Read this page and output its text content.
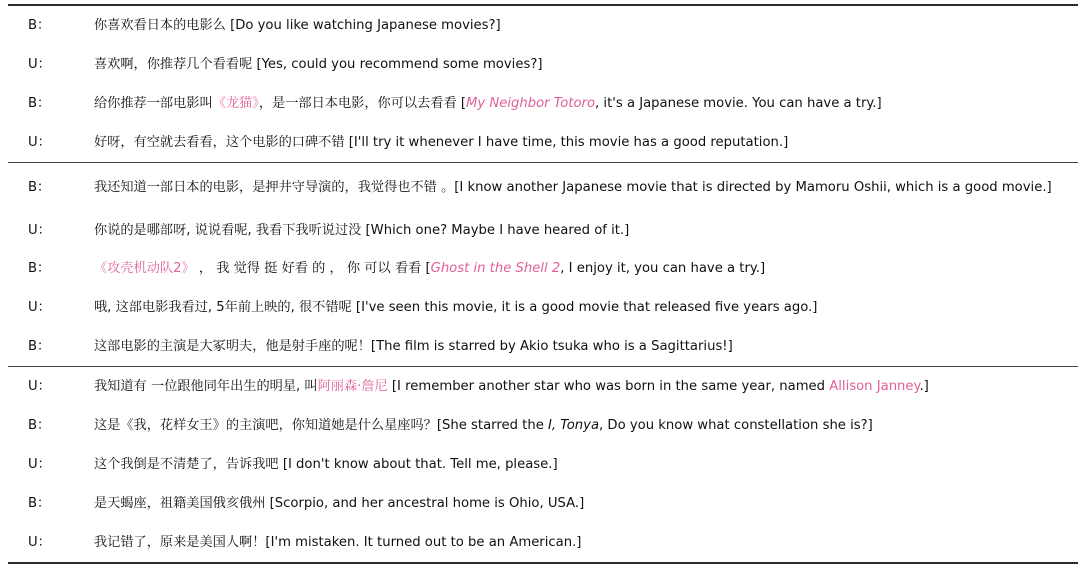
B：	你喜欢看日本的电影么 [Do you like watching Japanese movies?]
U：	喜欢啊，你推荐几个看看呢 [Yes, could you recommend some movies?]
B：	给你推荐一部电影叫《龙猫》，是一部日本电影，你可以去看看 [My Neighbor Totoro, it's a Japanese movie. You can have a try.]
U：	好呀，有空就去看看，这个电影的口碑不错 [I'll try it whenever I have time, this movie has a good reputation.]
B：	我还知道一部日本的电影，是押井守导演的，我觉得也不错 。[I know another Japanese movie that is directed by Mamoru Oshii, which is a good movie.]
U：	你说的是哪部呀, 说说看呢, 我看下我听说过没 [Which one? Maybe I have heared of it.]
B：	《攻壳机动队2》 ， 我 觉得 挺 好看 的 ， 你 可以 看看 [Ghost in the Shell 2, I enjoy it, you can have a try.]
U：	哦, 这部电影我看过, 5年前上映的, 很不错呢 [I've seen this movie, it is a good movie that released five years ago.]
B：	这部电影的主演是大冢明夫，他是射手座的呢！[The film is starred by Akio tsuka who is a Sagittarius!]
U：	我知道有 一位跟他同年出生的明星, 叫阿丽森·詹尼 [I remember another star who was born in the same year, named Allison Janney.]
B：	这是《我，花样女王》的主演吧，你知道她是什么星座吗？[She starred the I, Tonya, Do you know what constellation she is?]
U：	这个我倒是不清楚了，告诉我吧 [I don't know about that. Tell me, please.]
B：	是天蝎座，祖籍美国俄亥俄州 [Scorpio, and her ancestral home is Ohio, USA.]
U：	我记错了，原来是美国人啊！[I'm mistaken. It turned out to be an American.]
